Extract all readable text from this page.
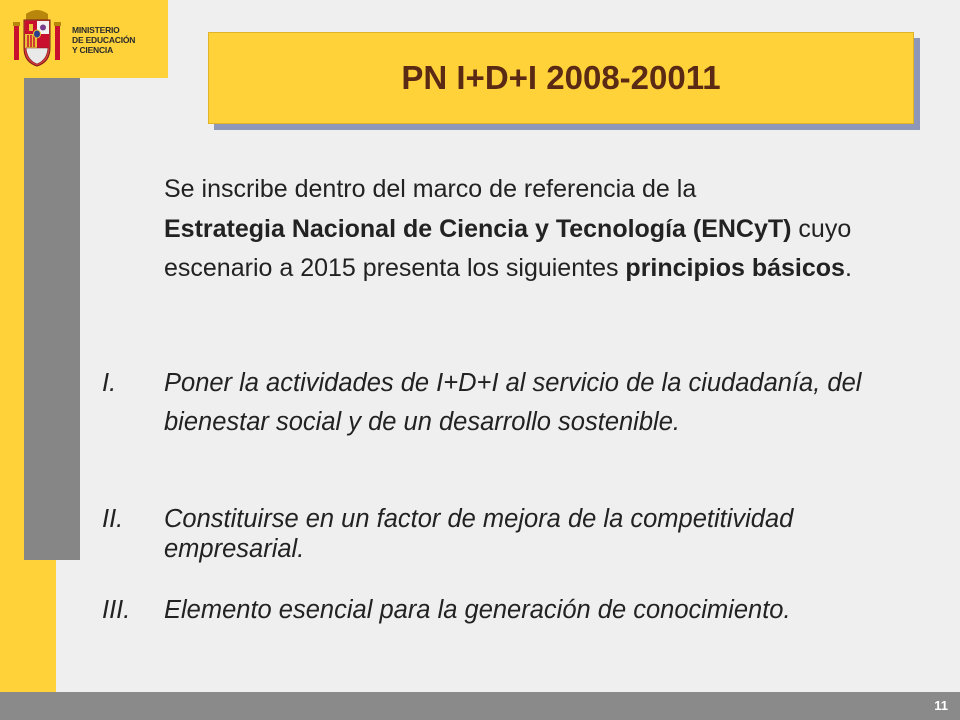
MINISTERIO
DE EDUCACIÓN
Y CIENCIA
PN I+D+I 2008-20011
Se inscribe dentro del marco de referencia de la
Estrategia Nacional de Ciencia y Tecnología (ENCyT) cuyo escenario a 2015 presenta los siguientes principios básicos.
I. Poner la actividades de I+D+I al servicio de la ciudadanía, del bienestar social y de un desarrollo sostenible.
II. Constituirse en un factor de mejora de la competitividad empresarial.
III. Elemento esencial para la generación de conocimiento.
11
